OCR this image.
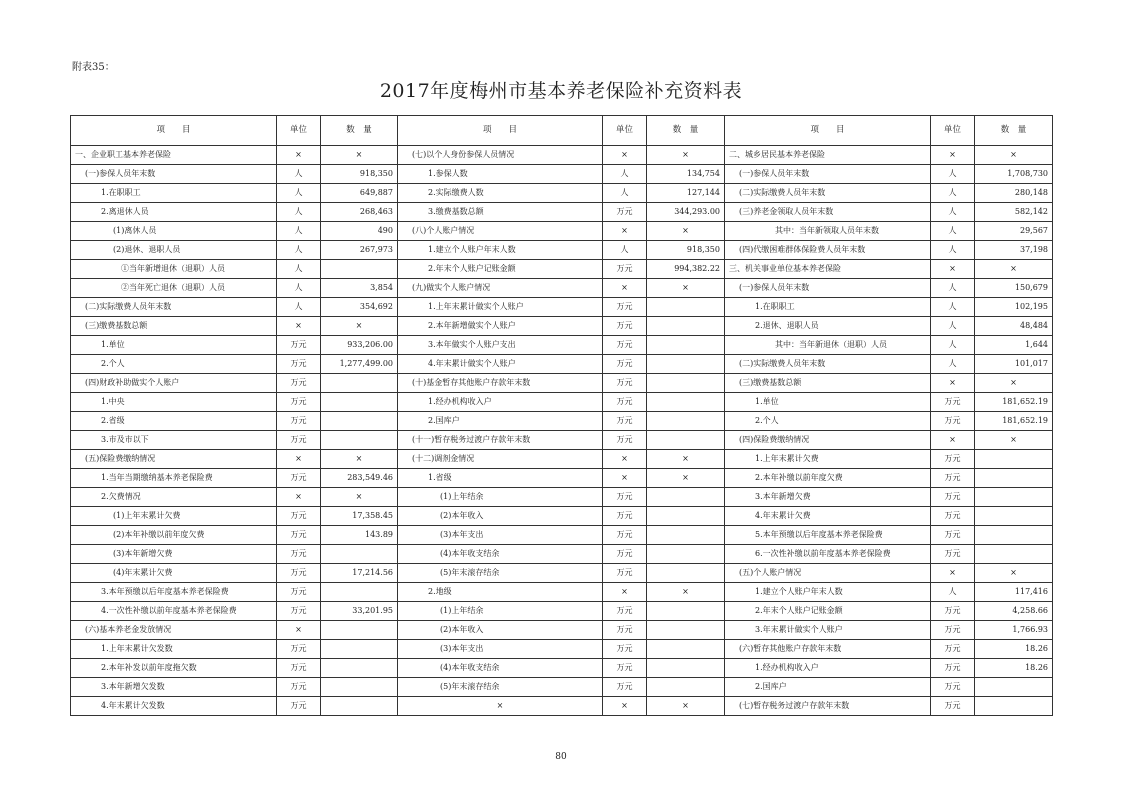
附表35：
2017年度梅州市基本养老保险补充资料表
项　　目	单位	数　量	项　　目	单位	数　量	项　　目	单位	数　量
一、企业职工基本养老保险	×	×	(七)以个人身份参保人员情况	×	×	二、城乡居民基本养老保险	×	×
(一)参保人员年末数	人	918,350	1.参保人数	人	134,754	(一)参保人员年末数	人	1,708,730
1.在职职工	人	649,887	2.实际缴费人数	人	127,144	(二)实际缴费人员年末数	人	280,148
2.离退休人员	人	268,463	3.缴费基数总额	万元	344,293.00	(三)养老金领取人员年末数	人	582,142
(1)离休人员	人	490	(八)个人账户情况	×	×	其中：当年新领取人员年末数	人	29,567
(2)退休、退职人员	人	267,973	1.建立个人账户年末人数	人	918,350	(四)代缴困难群体保险费人员年末数	人	37,198
①当年新增退休（退职）人员	人		2.年末个人账户记账金额	万元	994,382.22	三、机关事业单位基本养老保险	×	×
②当年死亡退休（退职）人员	人	3,854	(九)做实个人账户情况	×	×	(一)参保人员年末数	人	150,679
(二)实际缴费人员年末数	人	354,692	1.上年末累计做实个人账户	万元		1.在职职工	人	102,195
(三)缴费基数总额	×	×	2.本年新增做实个人账户	万元		2.退休、退职人员	人	48,484
1.单位	万元	933,206.00	3.本年做实个人账户支出	万元		其中：当年新退休（退职）人员	人	1,644
2.个人	万元	1,277,499.00	4.年末累计做实个人账户	万元		(二)实际缴费人员年末数	人	101,017
(四)财政补助做实个人账户	万元		(十)基金暂存其他账户存款年末数	万元		(三)缴费基数总额	×	×
1.中央	万元		1.经办机构收入户	万元		1.单位	万元	181,652.19
2.省级	万元		2.国库户	万元		2.个人	万元	181,652.19
3.市及市以下	万元		(十一)暂存税务过渡户存款年末数	万元		(四)保险费缴纳情况	×	×
(五)保险费缴纳情况	×	×	(十二)调剂金情况	×	×	1.上年末累计欠费	万元	
1.当年当期缴纳基本养老保险费	万元	283,549.46	1.省级	×	×	2.本年补缴以前年度欠费	万元	
2.欠费情况	×	×	(1)上年结余	万元		3.本年新增欠费	万元	
(1)上年末累计欠费	万元	17,358.45	(2)本年收入	万元		4.年末累计欠费	万元	
(2)本年补缴以前年度欠费	万元	143.89	(3)本年支出	万元		5.本年预缴以后年度基本养老保险费	万元	
(3)本年新增欠费	万元		(4)本年收支结余	万元		6.一次性补缴以前年度基本养老保险费	万元	
(4)年末累计欠费	万元	17,214.56	(5)年末滚存结余	万元		(五)个人账户情况	×	×
3.本年预缴以后年度基本养老保险费	万元		2.地级	×	×	1.建立个人账户年末人数	人	117,416
4.一次性补缴以前年度基本养老保险费	万元	33,201.95	(1)上年结余	万元		2.年末个人账户记账金额	万元	4,258.66
(六)基本养老金发放情况	×		(2)本年收入	万元		3.年末累计做实个人账户	万元	1,766.93
1.上年末累计欠发数	万元		(3)本年支出	万元		(六)暂存其他账户存款年末数	万元	18.26
2.本年补发以前年度拖欠数	万元		(4)本年收支结余	万元		1.经办机构收入户	万元	18.26
3.本年新增欠发数	万元		(5)年末滚存结余	万元		2.国库户	万元	
4.年末累计欠发数	万元		×	×	×	(七)暂存税务过渡户存款年末数	万元	
80
